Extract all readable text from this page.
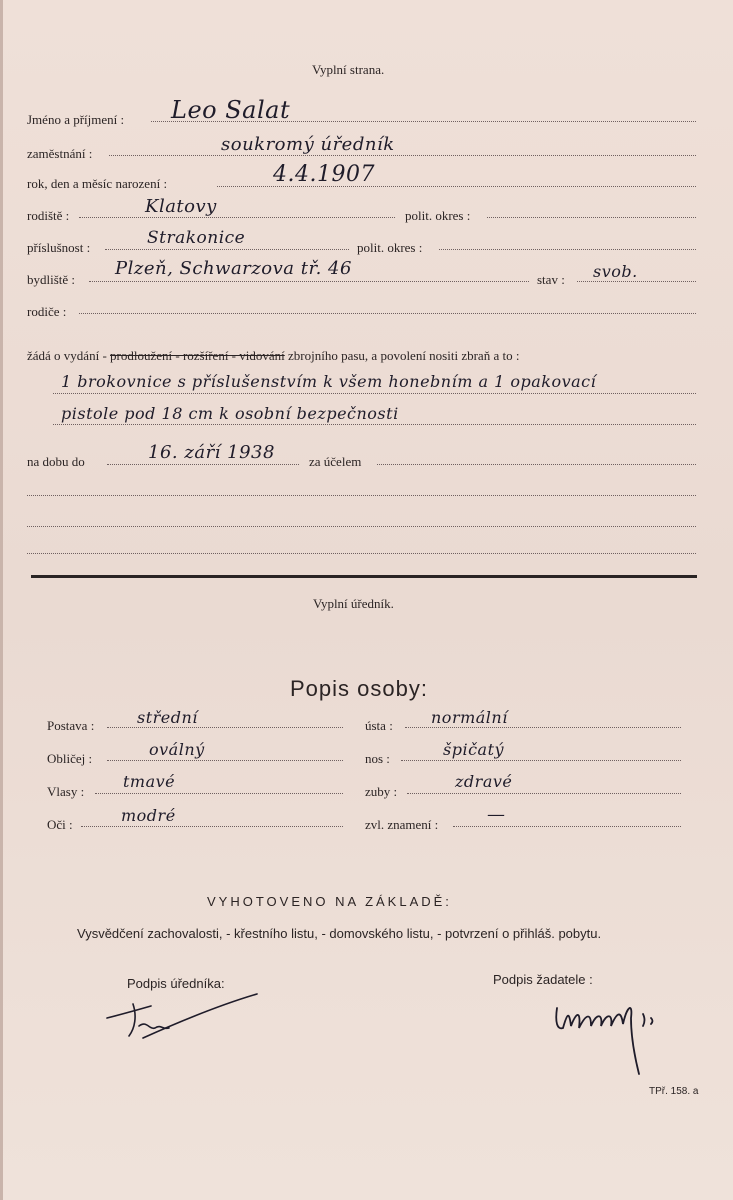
Vyplní strana.
Jméno a příjmení : Leo Salat
zaměstnání :	soukromý úředník
rok, den a měsíc narození :	4.4.1907
rodiště :	Klatovy	polit. okres :
příslušnost :	Strakonice	polit. okres :
bydliště :
Plzeň, Schwarzova tř. 46
stav : svob.
rodiče :
žádá o vydání - prodloužení - rozšíření - vidování zbrojního pasu, a povolení nositi zbraň a to :
1 brokovnice s příslušenstvím k všem honebním a 1 opakovací
pistole pod 18 cm k osobní bezpečnosti
na dobu do	16. září 1938	za účelem
Vyplní úředník.
Popis osoby:
Postava :	střední	ústa : normální
Obličej :	oválný	nos :	špičatý
Vlasy :
tmavé
zuby :
zdravé
Oči :	modré	zvl. znamení :	—
VYHOTOVENO NA ZÁKLADĚ:
Vysvědčení zachovalosti, - křestního listu, - domovského listu, - potvrzení o přihláš. pobytu.
Podpis úředníka:	Podpis žadatele :
TPř. 158. a
